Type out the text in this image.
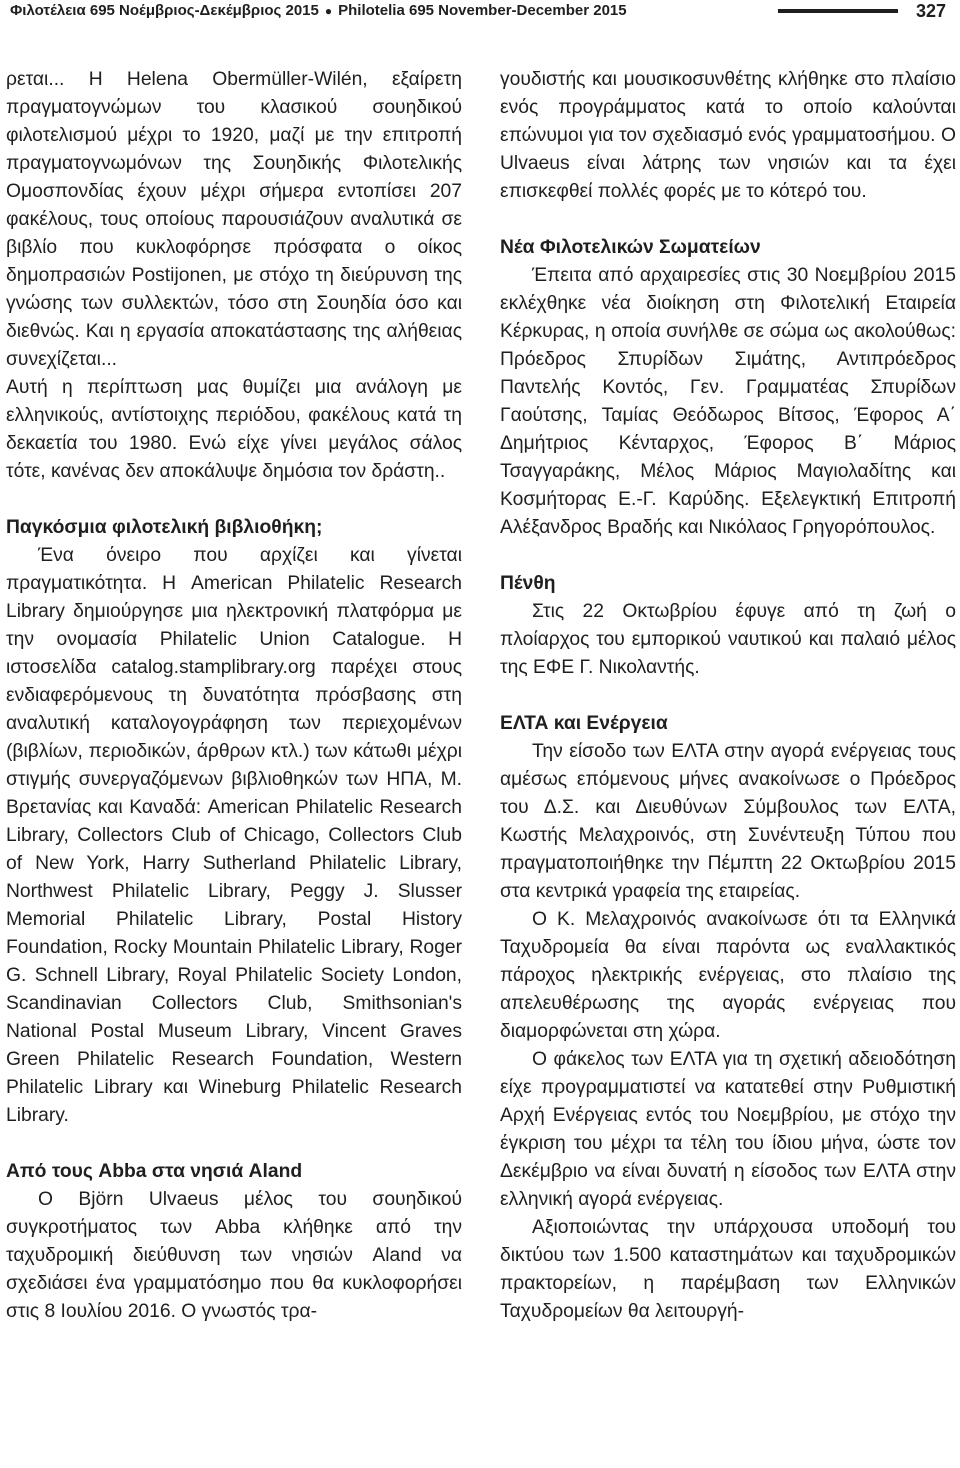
Φιλοτέλεια 695 Νοέμβριος-Δεκέμβριος 2015 ● Philotelia 695 November-December 2015	327

ρεται... Η Helena Obermüller-Wilén, εξαίρετη πραγματογνώμων του κλασικού σουηδικού φιλοτελισμού μέχρι το 1920, μαζί με την επιτροπή πραγματογνωμόνων της Σουηδικής Φιλοτελικής Ομοσπονδίας έχουν μέχρι σήμερα εντοπίσει 207 φακέλους, τους οποίους παρουσιάζουν αναλυτικά σε βιβλίο που κυκλοφόρησε πρόσφατα ο οίκος δημοπρασιών Postijonen, με στόχο τη διεύρυνση της γνώσης των συλλεκτών, τόσο στη Σουηδία όσο και διεθνώς. Και η εργασία αποκατάστασης της αλήθειας συνεχίζεται...

Αυτή η περίπτωση μας θυμίζει μια ανάλογη με ελληνικούς, αντίστοιχης περιόδου, φακέλους κατά τη δεκαετία του 1980. Ενώ είχε γίνει μεγάλος σάλος τότε, κανένας δεν αποκάλυψε δημόσια τον δράστη..

Παγκόσμια φιλοτελική βιβλιοθήκη;

Ένα όνειρο που αρχίζει και γίνεται πραγματικότητα. Η American Philatelic Research Library δημιούργησε μια ηλεκτρονική πλατφόρμα με την ονομασία Philatelic Union Catalogue. Η ιστοσελίδα catalog.stamplibrary.org παρέχει στους ενδιαφερόμενους τη δυνατότητα πρόσβασης στη αναλυτική καταλογογράφηση των περιεχομένων (βιβλίων, περιοδικών, άρθρων κτλ.) των κάτωθι μέχρι στιγμής συνεργαζόμενων βιβλιοθηκών των ΗΠΑ, Μ. Βρετανίας και Καναδά: American Philatelic Research Library, Collectors Club of Chicago, Collectors Club of New York, Harry Sutherland Philatelic Library, Northwest Philatelic Library, Peggy J. Slusser Memorial Philatelic Library, Postal History Foundation, Rocky Mountain Philatelic Library, Roger G. Schnell Library, Royal Philatelic Society London, Scandinavian Collectors Club, Smithsonian's National Postal Museum Library, Vincent Graves Green Philatelic Research Foundation, Western Philatelic Library και Wineburg Philatelic Research Library.

Από τους Abba στα νησιά Aland

Ο Björn Ulvaeus μέλος του σουηδικού συγκροτήματος των Abba κλήθηκε από την ταχυδρομική διεύθυνση των νησιών Aland να σχεδιάσει ένα γραμματόσημο που θα κυκλοφορήσει στις 8 Ιουλίου 2016. Ο γνωστός τρα-

γουδιστής και μουσικοσυνθέτης κλήθηκε στο πλαίσιο ενός προγράμματος κατά το οποίο καλούνται επώνυμοι για τον σχεδιασμό ενός γραμματοσήμου. Ο Ulvaeus είναι λάτρης των νησιών και τα έχει επισκεφθεί πολλές φορές με το κότερό του.

Νέα Φιλοτελικών Σωματείων

Έπειτα από αρχαιρεσίες στις 30 Νοεμβρίου 2015 εκλέχθηκε νέα διοίκηση στη Φιλοτελική Εταιρεία Κέρκυρας, η οποία συνήλθε σε σώμα ως ακολούθως: Πρόεδρος Σπυρίδων Σιμάτης, Αντιπρόεδρος Παντελής Κοντός, Γεν. Γραμματέας Σπυρίδων Γαούτσης, Ταμίας Θεόδωρος Βίτσος, Έφορος Α΄ Δημήτριος Κένταρχος, Έφορος Β΄ Μάριος Τσαγγαράκης, Μέλος Μάριος Μαγιολαδίτης και Κοσμήτορας Ε.-Γ. Καρύδης. Εξελεγκτική Επιτροπή Αλέξανδρος Βραδής και Νικόλαος Γρηγορόπουλος.

Πένθη

Στις 22 Οκτωβρίου έφυγε από τη ζωή ο πλοίαρχος του εμπορικού ναυτικού και παλαιό μέλος της ΕΦΕ Γ. Νικολαντής.

ΕΛΤΑ και Ενέργεια

Την είσοδο των ΕΛΤΑ στην αγορά ενέργειας τους αμέσως επόμενους μήνες ανακοίνωσε ο Πρόεδρος του Δ.Σ. και Διευθύνων Σύμβουλος των ΕΛΤΑ, Κωστής Μελαχροινός, στη Συνέντευξη Τύπου που πραγματοποιήθηκε την Πέμπτη 22 Οκτωβρίου 2015 στα κεντρικά γραφεία της εταιρείας.

Ο Κ. Μελαχροινός ανακοίνωσε ότι τα Ελληνικά Ταχυδρομεία θα είναι παρόντα ως εναλλακτικός πάροχος ηλεκτρικής ενέργειας, στο πλαίσιο της απελευθέρωσης της αγοράς ενέργειας που διαμορφώνεται στη χώρα.

Ο φάκελος των ΕΛΤΑ για τη σχετική αδειοδότηση είχε προγραμματιστεί να κατατεθεί στην Ρυθμιστική Αρχή Ενέργειας εντός του Νοεμβρίου, με στόχο την έγκριση του μέχρι τα τέλη του ίδιου μήνα, ώστε τον Δεκέμβριο να είναι δυνατή η είσοδος των ΕΛΤΑ στην ελληνική αγορά ενέργειας.

Αξιοποιώντας την υπάρχουσα υποδομή του δικτύου των 1.500 καταστημάτων και ταχυδρομικών πρακτορείων, η παρέμβαση των Ελληνικών Ταχυδρομείων θα λειτουργή-
